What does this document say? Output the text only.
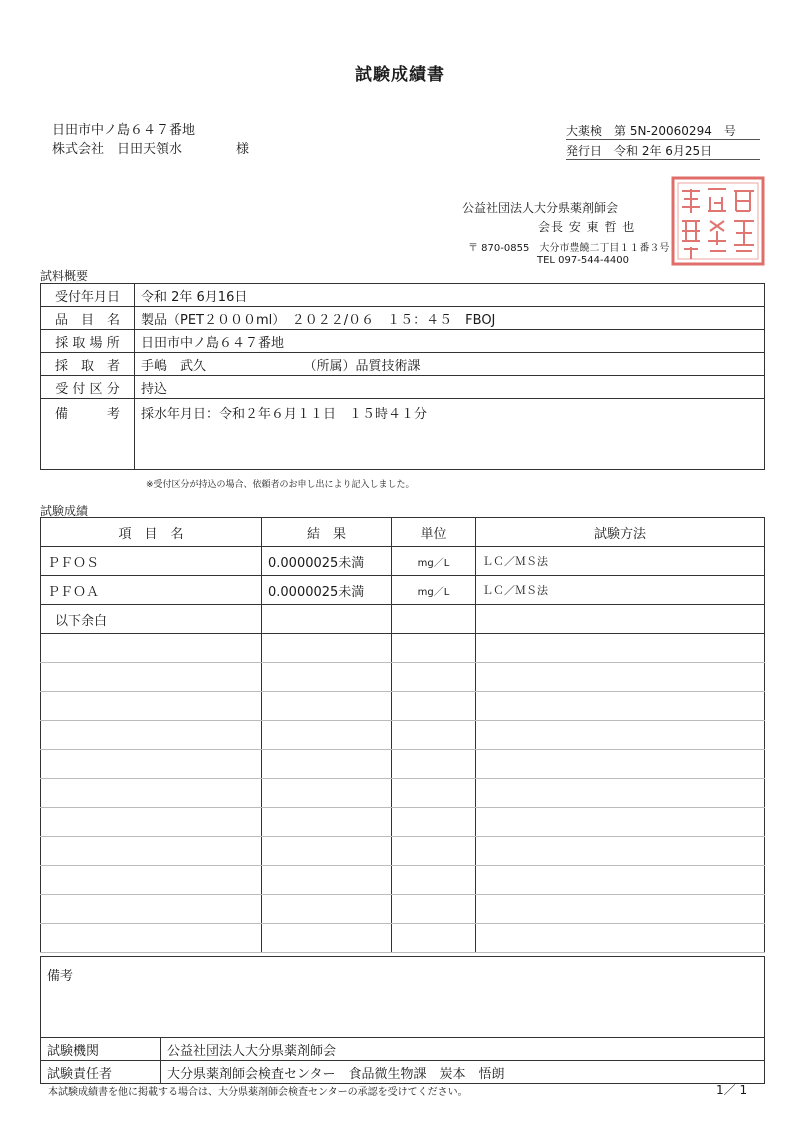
試験成績書
日田市中ノ島６４７番地
株式会社　日田天領水	様
大薬検　第 5N-20060294　号
発行日　令和 2年 6月25日
公益社団法人大分県薬剤師会
会長 安 東 哲 也
〒 870-0855　大分市豊饒二丁目１１番３号
TEL 097-544-4400
試料概要
受付年月日	令和 2年 6月16日
品　目　名	製品（PET２０００ml）　２０２２/０６　１５：４５　FBOJ
採 取 場 所	日田市中ノ島６４７番地
採　取　者	手嶋　武久　　　　　　　　（所属）品質技術課
受 付 区 分	持込
備　　　考	採水年月日：令和２年６月１１日　１５時４１分
※受付区分が持込の場合、依頼者のお申し出により記入しました。
試験成績
項　目　名	結　果	単位	試験方法
ＰＦＯＳ	0.0000025未満	mg／L	ＬＣ／ＭＳ法
ＰＦＯＡ	0.0000025未満	mg／L	ＬＣ／ＭＳ法
以下余白			

備考	
試験機関	公益社団法人大分県薬剤師会
試験責任者	大分県薬剤師会検査センター　食品微生物課　炭本　悟朗
本試験成績書を他に掲載する場合は、大分県薬剤師会検査センターの承認を受けてください。	1／ 1
